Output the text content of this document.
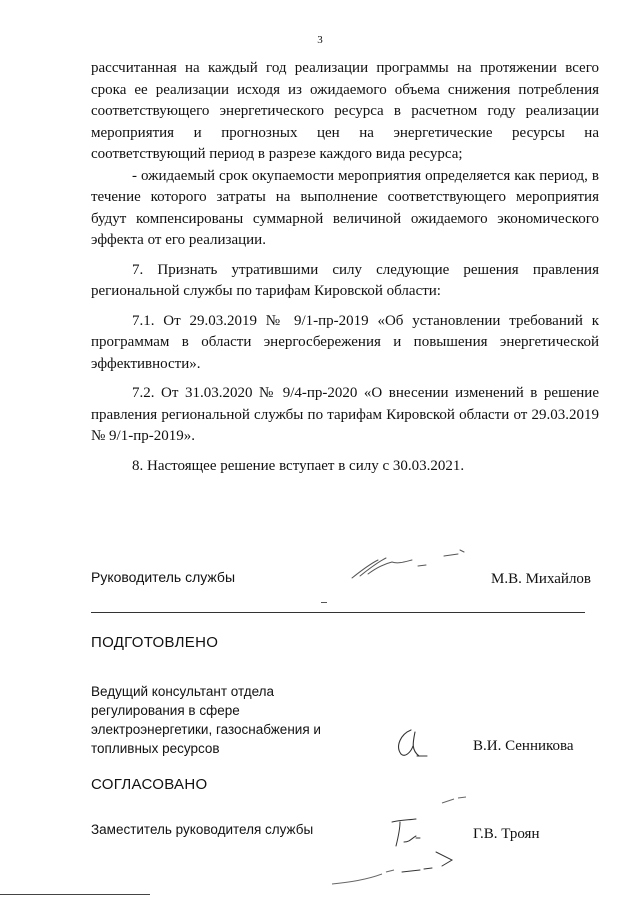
3

рассчитанная на каждый год реализации программы на протяжении всего срока ее реализации исходя из ожидаемого объема снижения потребления соответствующего энергетического ресурса в расчетном году реализации мероприятия и прогнозных цен на энергетические ресурсы на соответствующий период в разрезе каждого вида ресурса;

- ожидаемый срок окупаемости мероприятия определяется как период, в течение которого затраты на выполнение соответствующего мероприятия будут компенсированы суммарной величиной ожидаемого экономического эффекта от его реализации.

7. Признать утратившими силу следующие решения правления региональной службы по тарифам Кировской области:

7.1. От 29.03.2019 № 9/1-пр-2019 «Об установлении требований к программам в области энергосбережения и повышения энергетической эффективности».

7.2. От 31.03.2020 № 9/4-пр-2020 «О внесении изменений в решение правления региональной службы по тарифам Кировской области от 29.03.2019 № 9/1-пр-2019».

8. Настоящее решение вступает в силу с 30.03.2021.

Руководитель службы	М.В. Михайлов
ПОДГОТОВЛЕНО
Ведущий консультант отдела
регулирования в сфере
электроэнергетики, газоснабжения и
топливных ресурсов	В.И. Сенникова
СОГЛАСОВАНО
Заместитель руководителя службы	Г.В. Троян
